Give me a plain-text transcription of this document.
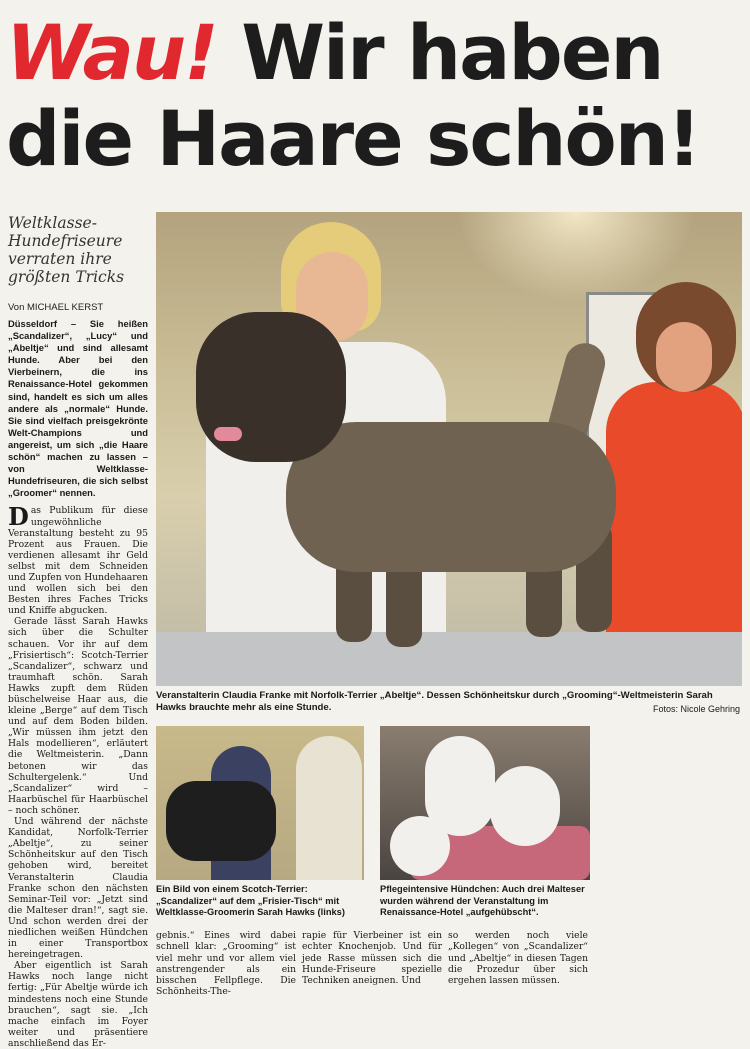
Wau! Wir haben
die Haare schön!
Weltklasse-Hundefriseure verraten ihre größten Tricks
Von MICHAEL KERST

Düsseldorf – Sie heißen „Scandalizer“, „Lucy“ und „Abeltje“ und sind allesamt Hunde. Aber bei den Vierbeinern, die ins Renaissance-Hotel gekommen sind, handelt es sich um alles andere als „normale“ Hunde. Sie sind vielfach preisgekrönte Welt-Champions und angereist, um sich „die Haare schön“ machen zu lassen – von Weltklasse-Hundefriseuren, die sich selbst „Groomer“ nennen.

Das Publikum für diese ungewöhnliche Veranstaltung besteht zu 95 Prozent aus Frauen. Die verdienen allesamt ihr Geld selbst mit dem Schneiden und Zupfen von Hundehaaren und wollen sich bei den Besten ihres Faches Tricks und Kniffe abgucken.

Gerade lässt Sarah Hawks sich über die Schulter schauen. Vor ihr auf dem „Frisiertisch“: Scotch-Terrier „Scandalizer“, schwarz und traumhaft schön. Sarah Hawks zupft dem Rüden büschelweise Haar aus, die kleine „Berge“ auf dem Tisch und auf dem Boden bilden. „Wir müssen ihm jetzt den Hals modellieren“, erläutert die Weltmeisterin. „Dann betonen wir das Schultergelenk.“ Und „Scandalizer“ wird – Haarbüschel für Haarbüschel – noch schöner.

Und während der nächste Kandidat, Norfolk-Terrier „Abeltje“, zu seiner Schönheitskur auf den Tisch gehoben wird, bereitet Veranstalterin Claudia Franke schon den nächsten Seminar-Teil vor: „Jetzt sind die Malteser dran!“, sagt sie. Und schon werden drei der niedlichen weißen Hündchen in einer Transportbox hereingetragen.

Aber eigentlich ist Sarah Hawks noch lange nicht fertig: „Für Abeltje würde ich mindestens noch eine Stunde brauchen“, sagt sie. „Ich mache einfach im Foyer weiter und präsentiere anschließend das Er-

Veranstalterin Claudia Franke mit Norfolk-Terrier „Abeltje“. Dessen Schönheitskur durch „Grooming“-Weltmeisterin Sarah Hawks brauchte mehr als eine Stunde.	Fotos: Nicole Gehring
Ein Bild von einem Scotch-Terrier: „Scandalizer“ auf dem „Frisier-Tisch“ mit Weltklasse-Groomerin Sarah Hawks (links)
Pflegeintensive Hündchen: Auch drei Malteser wurden während der Veranstaltung im Renaissance-Hotel „aufgehübscht“.

gebnis.“ Eines wird dabei schnell klar: „Grooming“ ist viel mehr und vor allem viel anstrengender als ein bisschen Fellpflege. Die Schönheits-The-

rapie für Vierbeiner ist ein echter Knochenjob. Und für jede Rasse müssen sich die Hunde-Friseure spezielle Techniken aneignen. Und

so werden noch viele „Kollegen“ von „Scandalizer“ und „Abeltje“ in diesen Tagen die Prozedur über sich ergehen lassen müssen.
